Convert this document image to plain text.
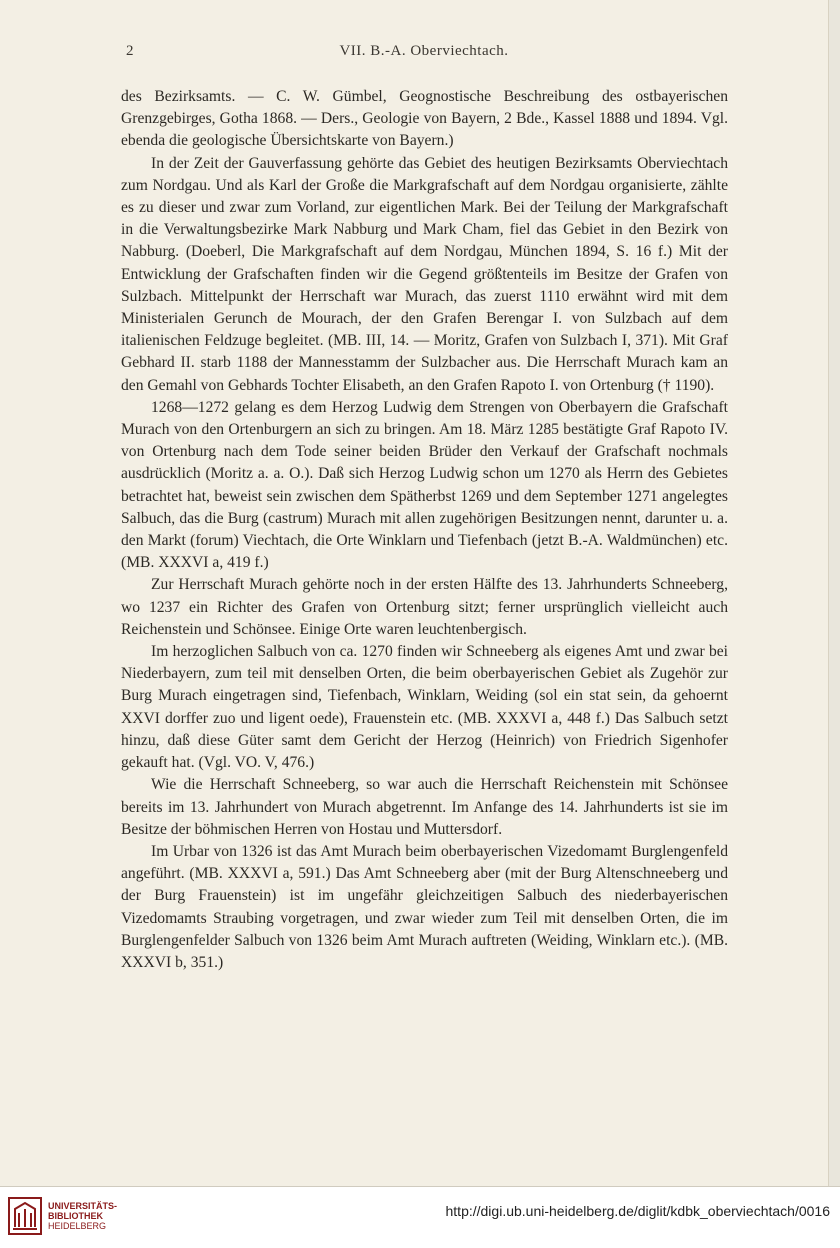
2	VII. B.-A. Oberviechtach.

des Bezirksamts. — C. W. Gümbel, Geognostische Beschreibung des ostbayerischen Grenzgebirges, Gotha 1868. — Ders., Geologie von Bayern, 2 Bde., Kassel 1888 und 1894. Vgl. ebenda die geologische Übersichtskarte von Bayern.)

In der Zeit der Gauverfassung gehörte das Gebiet des heutigen Bezirksamts Oberviechtach zum Nordgau. Und als Karl der Große die Markgrafschaft auf dem Nordgau organisierte, zählte es zu dieser und zwar zum Vorland, zur eigentlichen Mark. Bei der Teilung der Markgrafschaft in die Verwaltungsbezirke Mark Nabburg und Mark Cham, fiel das Gebiet in den Bezirk von Nabburg. (Doeberl, Die Markgrafschaft auf dem Nordgau, München 1894, S. 16 f.) Mit der Entwicklung der Grafschaften finden wir die Gegend größtenteils im Besitze der Grafen von Sulzbach. Mittelpunkt der Herrschaft war Murach, das zuerst 1110 erwähnt wird mit dem Ministerialen Gerunch de Mourach, der den Grafen Berengar I. von Sulzbach auf dem italienischen Feldzuge begleitet. (MB. III, 14. — Moritz, Grafen von Sulzbach I, 371). Mit Graf Gebhard II. starb 1188 der Mannesstamm der Sulzbacher aus. Die Herrschaft Murach kam an den Gemahl von Gebhards Tochter Elisabeth, an den Grafen Rapoto I. von Ortenburg († 1190).

1268—1272 gelang es dem Herzog Ludwig dem Strengen von Oberbayern die Grafschaft Murach von den Ortenburgern an sich zu bringen. Am 18. März 1285 bestätigte Graf Rapoto IV. von Ortenburg nach dem Tode seiner beiden Brüder den Verkauf der Grafschaft nochmals ausdrücklich (Moritz a. a. O.). Daß sich Herzog Ludwig schon um 1270 als Herrn des Gebietes betrachtet hat, beweist sein zwischen dem Spätherbst 1269 und dem September 1271 angelegtes Salbuch, das die Burg (castrum) Murach mit allen zugehörigen Besitzungen nennt, darunter u. a. den Markt (forum) Viechtach, die Orte Winklarn und Tiefenbach (jetzt B.-A. Waldmünchen) etc. (MB. XXXVI a, 419 f.)

Zur Herrschaft Murach gehörte noch in der ersten Hälfte des 13. Jahrhunderts Schneeberg, wo 1237 ein Richter des Grafen von Ortenburg sitzt; ferner ursprünglich vielleicht auch Reichenstein und Schönsee. Einige Orte waren leuchtenbergisch.

Im herzoglichen Salbuch von ca. 1270 finden wir Schneeberg als eigenes Amt und zwar bei Niederbayern, zum teil mit denselben Orten, die beim oberbayerischen Gebiet als Zugehör zur Burg Murach eingetragen sind, Tiefenbach, Winklarn, Weiding (sol ein stat sein, da gehoernt XXVI dorffer zuo und ligent oede), Frauenstein etc. (MB. XXXVI a, 448 f.) Das Salbuch setzt hinzu, daß diese Güter samt dem Gericht der Herzog (Heinrich) von Friedrich Sigenhofer gekauft hat. (Vgl. VO. V, 476.)

Wie die Herrschaft Schneeberg, so war auch die Herrschaft Reichenstein mit Schönsee bereits im 13. Jahrhundert von Murach abgetrennt. Im Anfange des 14. Jahrhunderts ist sie im Besitze der böhmischen Herren von Hostau und Muttersdorf.

Im Urbar von 1326 ist das Amt Murach beim oberbayerischen Vizedomamt Burglengenfeld angeführt. (MB. XXXVI a, 591.) Das Amt Schneeberg aber (mit der Burg Altenschneeberg und der Burg Frauenstein) ist im ungefähr gleichzeitigen Salbuch des niederbayerischen Vizedomamts Straubing vorgetragen, und zwar wieder zum Teil mit denselben Orten, die im Burglengenfelder Salbuch von 1326 beim Amt Murach auftreten (Weiding, Winklarn etc.). (MB. XXXVI b, 351.)

UNIVERSITÄTS-
BIBLIOTHEK
HEIDELBERG
http://digi.ub.uni-heidelberg.de/diglit/kdbk_oberviechtach/0016
